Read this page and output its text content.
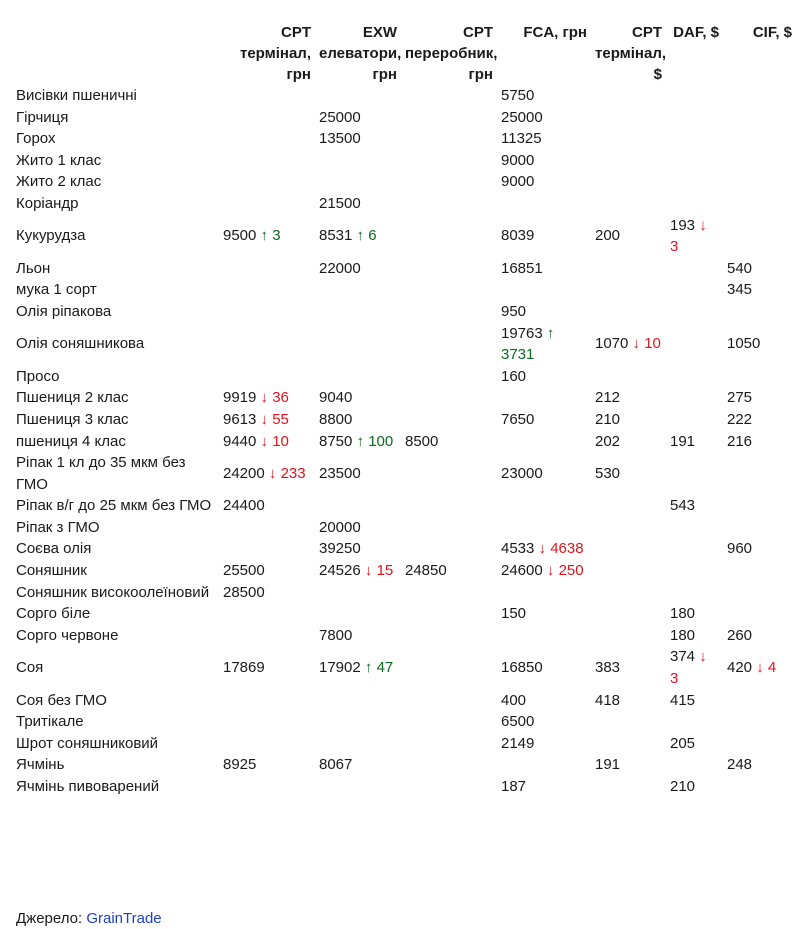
	CPT термінал, грн	EXW елеватори, грн	CPT переробник, грн	FCA, грн	CPT термінал, $	DAF, $	CIF, $
Висівки пшеничні				5750			
Гірчиця		25000		25000			
Горох		13500		11325			
Жито 1 клас				9000			
Жито 2 клас				9000			
Коріандр		21500					
Кукурудза	9500 ↑ 3	8531 ↑ 6		8039	200	193 ↓ 3	
Льон		22000		16851			540
мука 1 сорт							345
Олія ріпакова				950			
Олія соняшникова				19763 ↑ 3731	1070 ↓ 10		1050
Просо				160			
Пшениця 2 клас	9919 ↓ 36	9040			212		275
Пшениця 3 клас	9613 ↓ 55	8800		7650	210		222
пшениця 4 клас	9440 ↓ 10	8750 ↑ 100	8500		202	191	216
Ріпак 1 кл до 35 мкм без ГМО	24200 ↓ 233	23500		23000	530		
Ріпак в/г до 25 мкм без ГМО	24400					543	
Ріпак з ГМО		20000					
Соєва олія		39250		4533 ↓ 4638			960
Соняшник	25500	24526 ↓ 15	24850	24600 ↓ 250			
Соняшник високоолеїновий	28500						
Сорго біле				150		180	
Сорго червоне		7800				180	260
Соя	17869	17902 ↑ 47		16850	383	374 ↓ 3	420 ↓ 4
Соя без ГМО				400	418	415	
Тритікале				6500			
Шрот соняшниковий				2149		205	
Ячмінь	8925	8067			191		248
Ячмінь пивоварений				187		210	
Джерело: GrainTrade
